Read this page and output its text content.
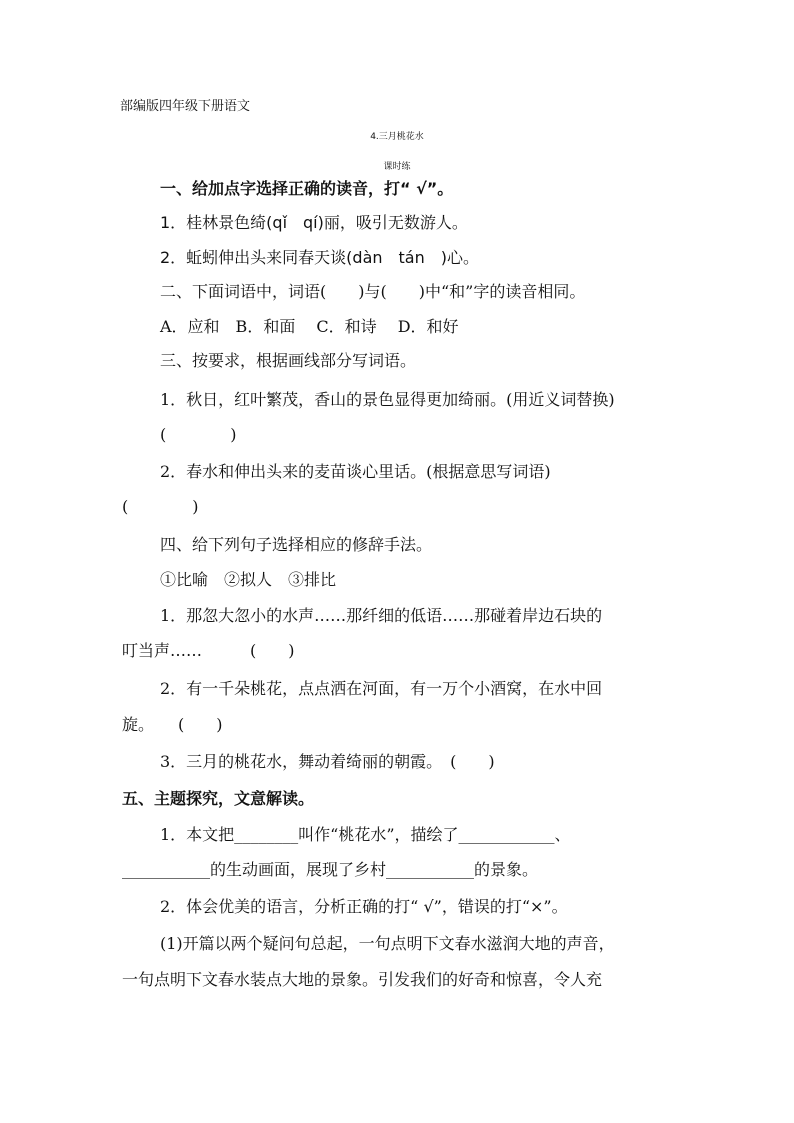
部编版四年级下册语文
4.三月桃花水
课时练
一、给加点字选择正确的读音，打“ √”。
1．桂林景色绮(qǐ　qí)丽，吸引无数游人。
2．蚯蚓伸出头来同春天谈(dàn　tán　)心。
二、下面词语中，词语(　　)与(　　)中“和”字的读音相同。
A．应和　B．和面　 C．和诗　 D．和好
三、按要求，根据画线部分写词语。
1．秋日，红叶繁茂，香山的景色显得更加绮丽。(用近义词替换)
(　　　　)
2．春水和伸出头来的麦苗谈心里话。(根据意思写词语)
(　　　　)
四、给下列句子选择相应的修辞手法。
①比喻　②拟人　③排比
1．那忽大忽小的水声……那纤细的低语……那碰着岸边石块的
叮当声……　　　(　　)
2．有一千朵桃花，点点洒在河面，有一万个小酒窝，在水中回
旋。　　(　　)
3．三月的桃花水，舞动着绮丽的朝霞。　(　　)
五、主题探究，文意解读。
1．本文把________叫作“桃花水”，描绘了____________、
___________的生动画面，展现了乡村___________的景象。
2．体会优美的语言，分析正确的打“ √”，错误的打“×”。
(1)开篇以两个疑问句总起，一句点明下文春水滋润大地的声音，
一句点明下文春水装点大地的景象。引发我们的好奇和惊喜，令人充
